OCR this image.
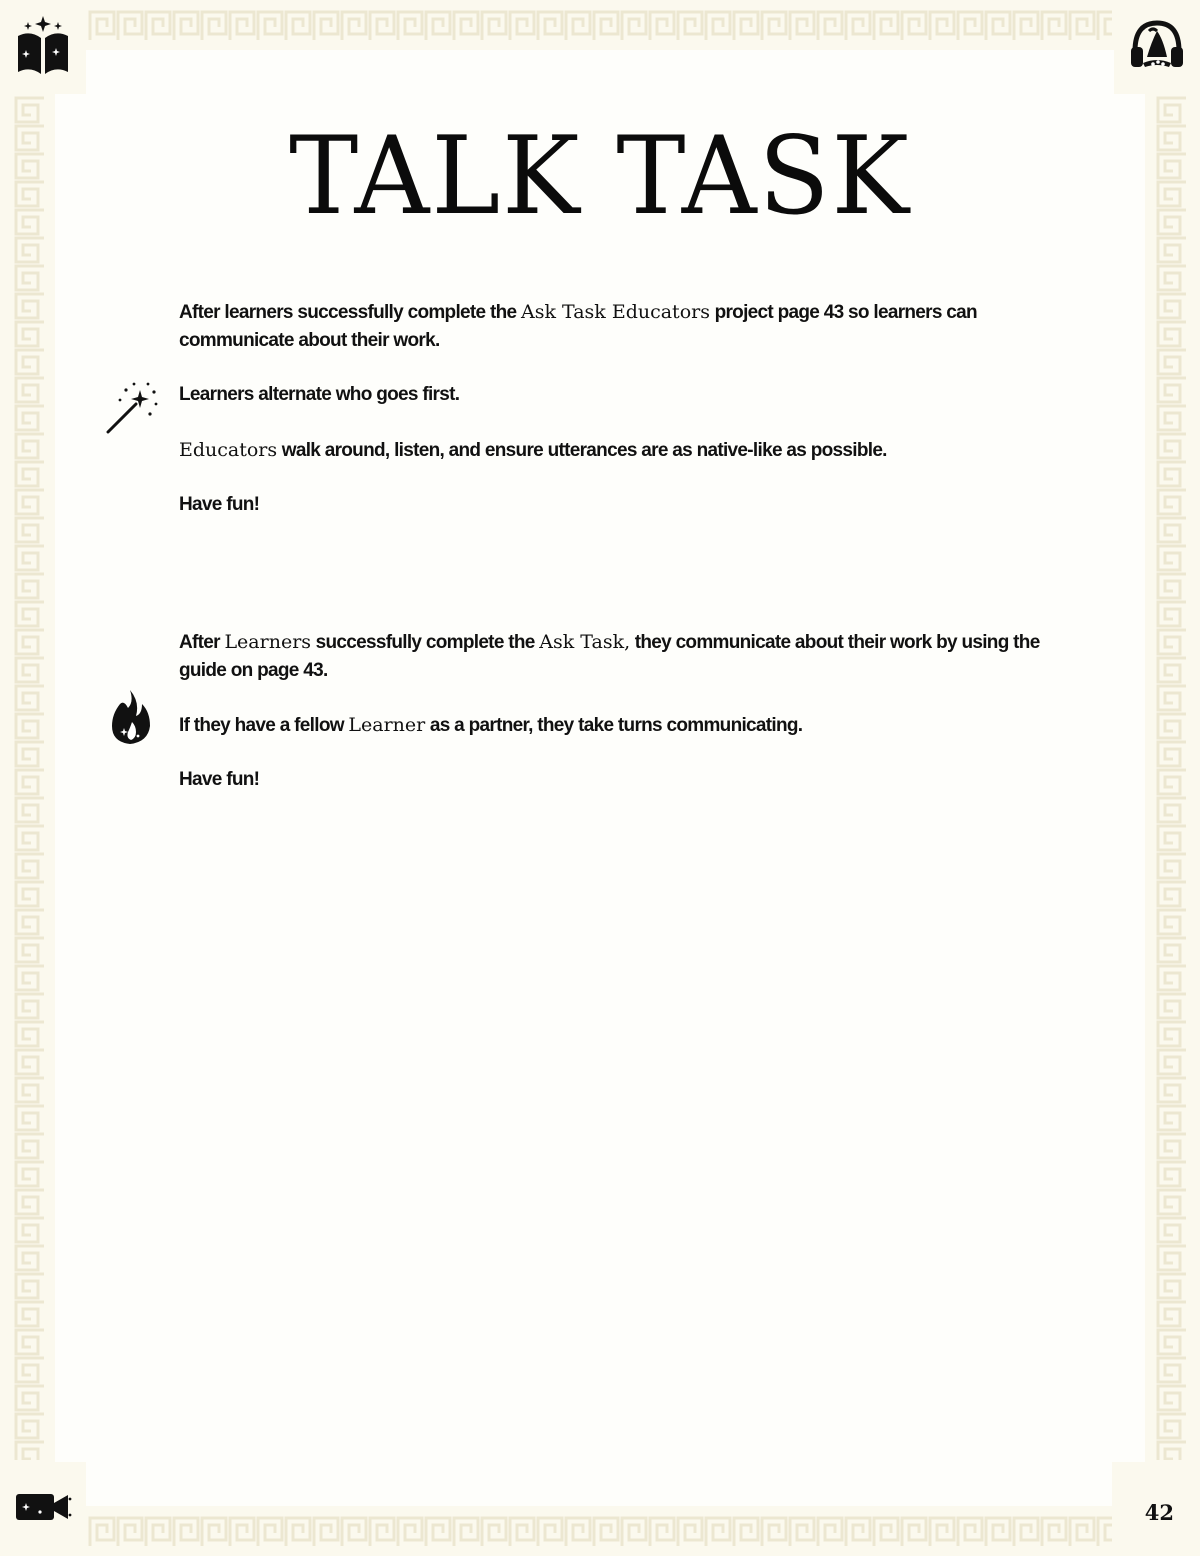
TALK TASK

After learners successfully complete the Ask Task Educators project page 43 so learners can communicate about their work.

Learners alternate who goes first.

Educators walk around, listen, and ensure utterances are as native-like as possible.

Have fun!

After Learners successfully complete the Ask Task, they communicate about their work by using the guide on page 43.

If they have a fellow Learner as a partner, they take turns communicating.

Have fun!

42
